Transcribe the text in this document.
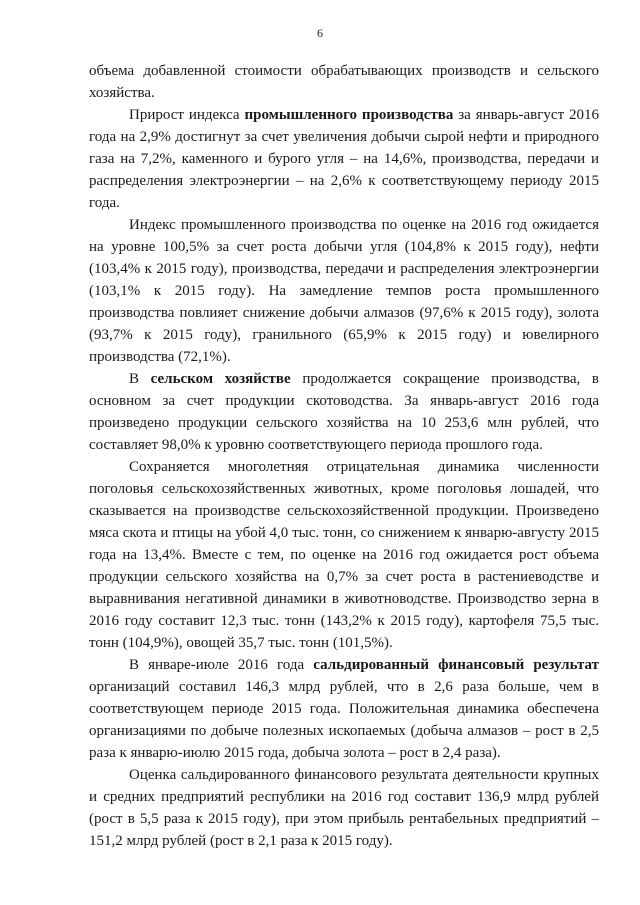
6

объема добавленной стоимости обрабатывающих производств и сельского хозяйства.

Прирост индекса промышленного производства за январь-август 2016 года на 2,9% достигнут за счет увеличения добычи сырой нефти и природного газа на 7,2%, каменного и бурого угля – на 14,6%, производства, передачи и распределения электроэнергии – на 2,6% к соответствующему периоду 2015 года.

Индекс промышленного производства по оценке на 2016 год ожидается на уровне 100,5% за счет роста добычи угля (104,8% к 2015 году), нефти (103,4% к 2015 году), производства, передачи и распределения электроэнергии (103,1% к 2015 году). На замедление темпов роста промышленного производства повлияет снижение добычи алмазов (97,6% к 2015 году), золота (93,7% к 2015 году), гранильного (65,9% к 2015 году) и ювелирного производства (72,1%).

В сельском хозяйстве продолжается сокращение производства, в основном за счет продукции скотоводства. За январь-август 2016 года произведено продукции сельского хозяйства на 10 253,6 млн рублей, что составляет 98,0% к уровню соответствующего периода прошлого года.

Сохраняется многолетняя отрицательная динамика численности поголовья сельскохозяйственных животных, кроме поголовья лошадей, что сказывается на производстве сельскохозяйственной продукции. Произведено мяса скота и птицы на убой 4,0 тыс. тонн, со снижением к январю-августу 2015 года на 13,4%. Вместе с тем, по оценке на 2016 год ожидается рост объема продукции сельского хозяйства на 0,7% за счет роста в растениеводстве и выравнивания негативной динамики в животноводстве. Производство зерна в 2016 году составит 12,3 тыс. тонн (143,2% к 2015 году), картофеля 75,5 тыс. тонн (104,9%), овощей 35,7 тыс. тонн (101,5%).

В январе-июле 2016 года сальдированный финансовый результат организаций составил 146,3 млрд рублей, что в 2,6 раза больше, чем в соответствующем периоде 2015 года. Положительная динамика обеспечена организациями по добыче полезных ископаемых (добыча алмазов – рост в 2,5 раза к январю-июлю 2015 года, добыча золота – рост в 2,4 раза).

Оценка сальдированного финансового результата деятельности крупных и средних предприятий республики на 2016 год составит 136,9 млрд рублей (рост в 5,5 раза к 2015 году), при этом прибыль рентабельных предприятий – 151,2 млрд рублей (рост в 2,1 раза к 2015 году).
